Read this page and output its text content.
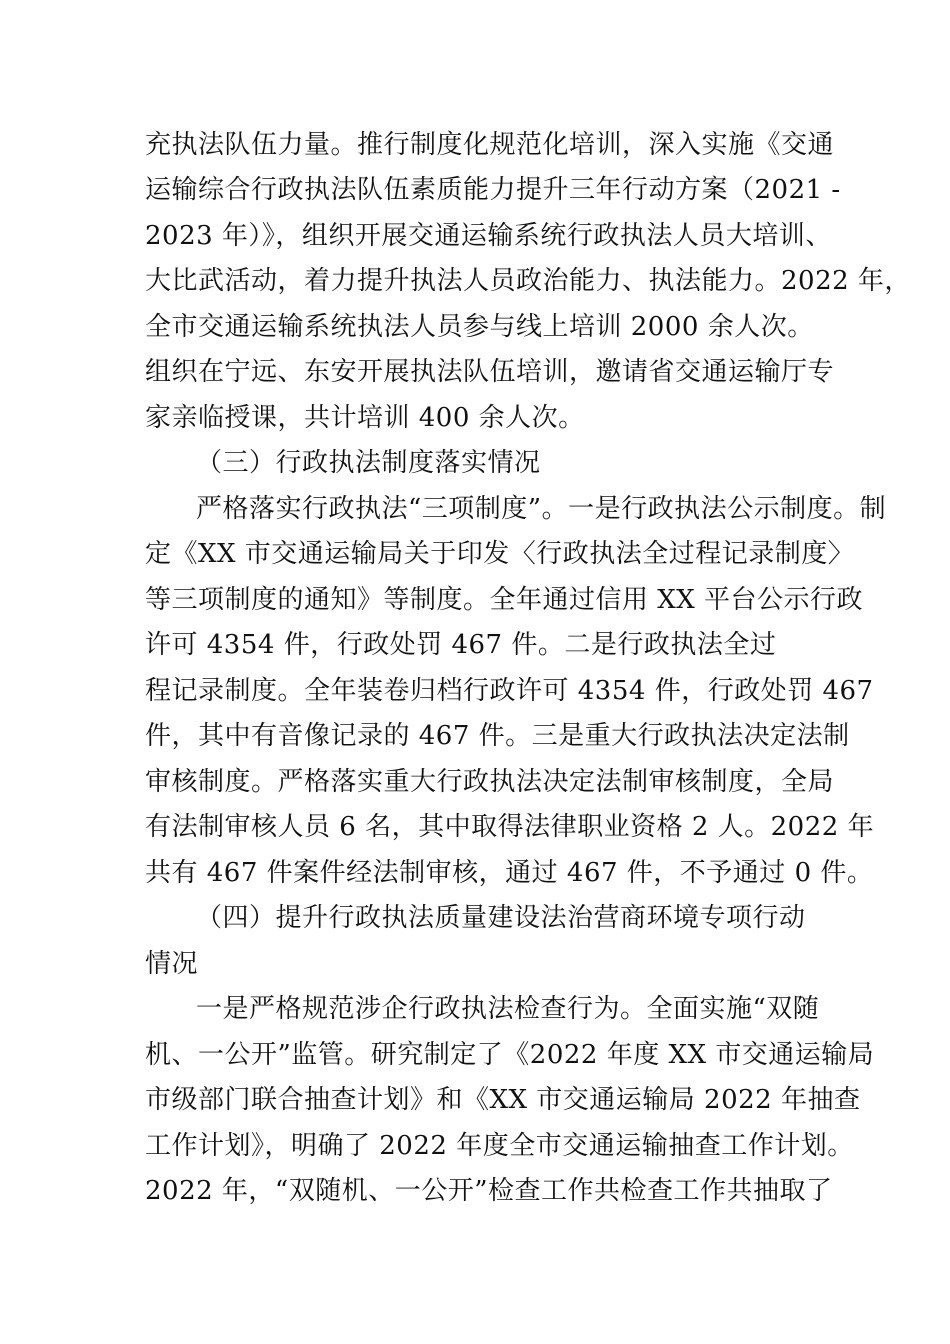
充执法队伍力量。推行制度化规范化培训，深入实施《交通
运输综合行政执法队伍素质能力提升三年行动方案（2021 -
2023 年）》，组织开展交通运输系统行政执法人员大培训、
大比武活动，着力提升执法人员政治能力、执法能力。2022 年，
全市交通运输系统执法人员参与线上培训 2000 余人次。
组织在宁远、东安开展执法队伍培训，邀请省交通运输厅专
家亲临授课，共计培训 400 余人次。
（三）行政执法制度落实情况
严格落实行政执法“三项制度”。一是行政执法公示制度。制
定《XX 市交通运输局关于印发〈行政执法全过程记录制度〉
等三项制度的通知》等制度。全年通过信用 XX 平台公示行政
许可 4354 件，行政处罚 467 件。二是行政执法全过
程记录制度。全年装卷归档行政许可 4354 件，行政处罚 467
件，其中有音像记录的 467 件。三是重大行政执法决定法制
审核制度。严格落实重大行政执法决定法制审核制度，全局
有法制审核人员 6 名，其中取得法律职业资格 2 人。2022 年
共有 467 件案件经法制审核，通过 467 件，不予通过 0 件。
（四）提升行政执法质量建设法治营商环境专项行动
情况
一是严格规范涉企行政执法检查行为。全面实施“双随
机、一公开”监管。研究制定了《2022 年度 XX 市交通运输局
市级部门联合抽查计划》和《XX 市交通运输局 2022 年抽查
工作计划》，明确了 2022 年度全市交通运输抽查工作计划。
2022 年，“双随机、一公开”检查工作共检查工作共抽取了
